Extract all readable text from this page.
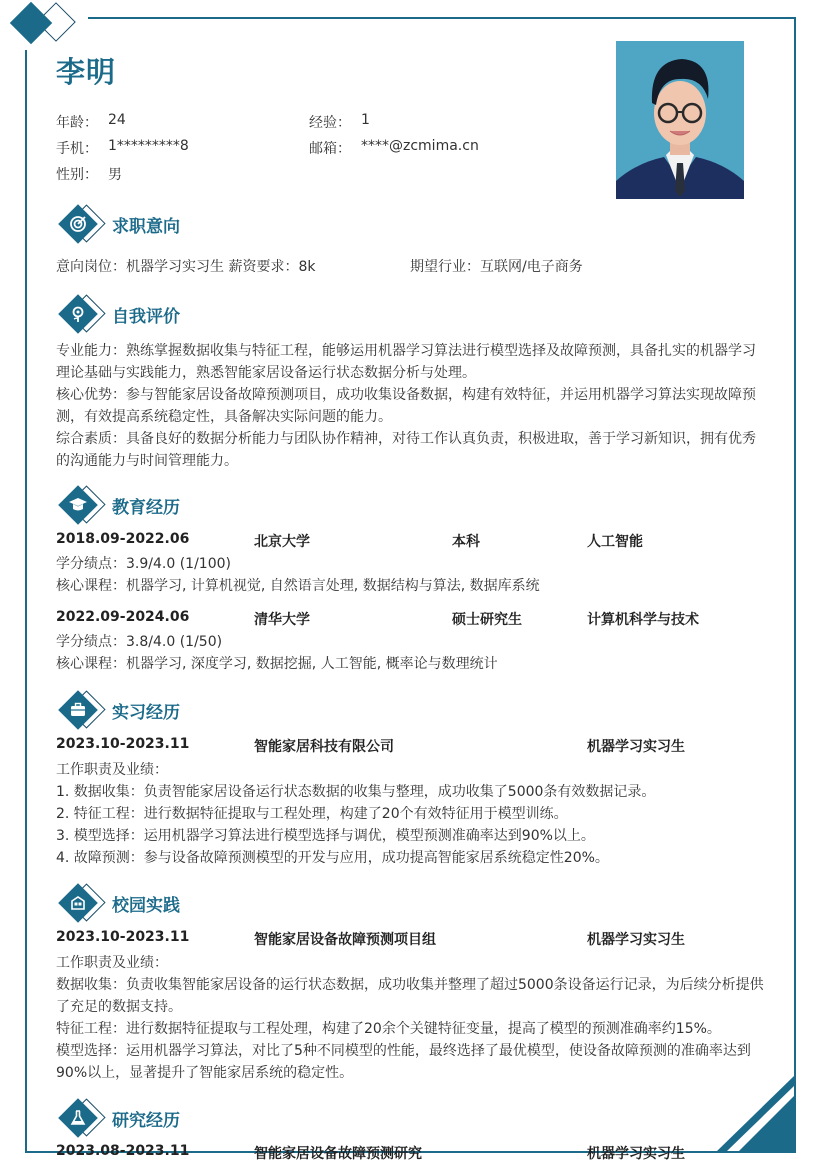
李明
年龄： 24	经验： 1
手机： 1*********8	邮箱： ****@zcmima.cn
性别： 男
求职意向
意向岗位：机器学习实习生 薪资要求：8k	期望行业：互联网/电子商务
自我评价
专业能力：熟练掌握数据收集与特征工程，能够运用机器学习算法进行模型选择及故障预测，具备扎实的机器学习理论基础与实践能力，熟悉智能家居设备运行状态数据分析与处理。
核心优势：参与智能家居设备故障预测项目，成功收集设备数据，构建有效特征，并运用机器学习算法实现故障预测，有效提高系统稳定性，具备解决实际问题的能力。
综合素质：具备良好的数据分析能力与团队协作精神，对待工作认真负责，积极进取，善于学习新知识，拥有优秀的沟通能力与时间管理能力。
教育经历
2018.09-2022.06	北京大学	本科	人工智能
学分绩点：3.9/4.0 (1/100)
核心课程：机器学习, 计算机视觉, 自然语言处理, 数据结构与算法, 数据库系统
2022.09-2024.06	清华大学	硕士研究生	计算机科学与技术
学分绩点：3.8/4.0 (1/50)
核心课程：机器学习, 深度学习, 数据挖掘, 人工智能, 概率论与数理统计
实习经历
2023.10-2023.11	智能家居科技有限公司	机器学习实习生
工作职责及业绩：
1. 数据收集：负责智能家居设备运行状态数据的收集与整理，成功收集了5000条有效数据记录。
2. 特征工程：进行数据特征提取与工程处理，构建了20个有效特征用于模型训练。
3. 模型选择：运用机器学习算法进行模型选择与调优，模型预测准确率达到90%以上。
4. 故障预测：参与设备故障预测模型的开发与应用，成功提高智能家居系统稳定性20%。
校园实践
2023.10-2023.11	智能家居设备故障预测项目组	机器学习实习生
工作职责及业绩：
数据收集：负责收集智能家居设备的运行状态数据，成功收集并整理了超过5000条设备运行记录，为后续分析提供了充足的数据支持。
特征工程：进行数据特征提取与工程处理，构建了20余个关键特征变量，提高了模型的预测准确率约15%。
模型选择：运用机器学习算法，对比了5种不同模型的性能，最终选择了最优模型，使设备故障预测的准确率达到90%以上，显著提升了智能家居系统的稳定性。
研究经历
2023.08-2023.11	智能家居设备故障预测研究	机器学习实习生
